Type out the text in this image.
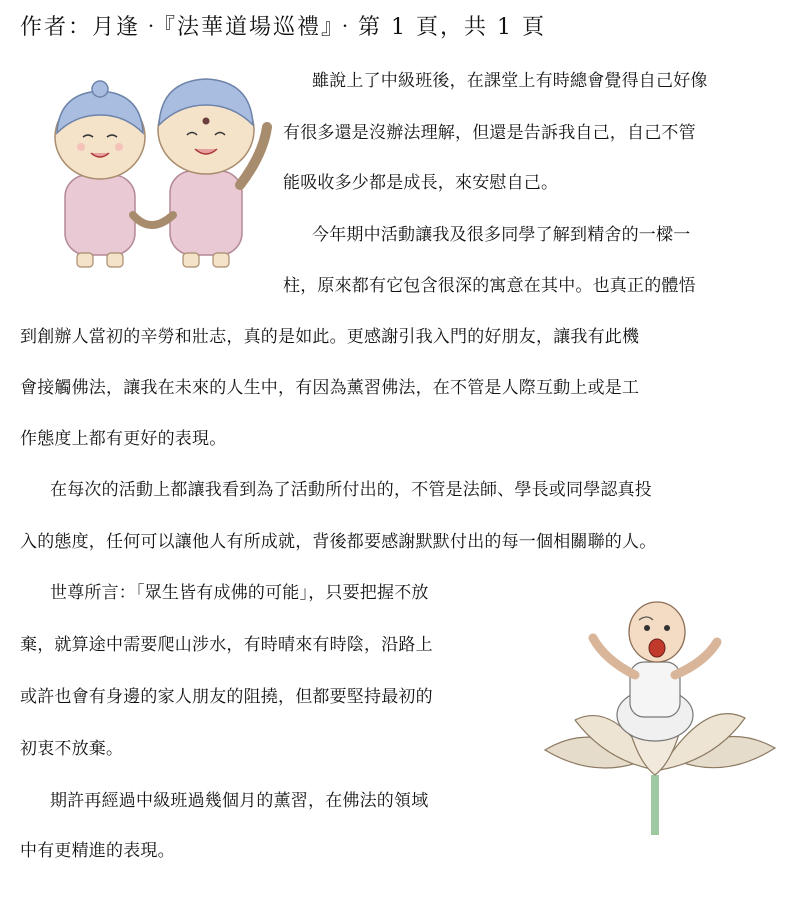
作者：月逢‧『法華道場巡禮』‧第 1 頁，共 1 頁
雖說上了中級班後，在課堂上有時總會覺得自己好像
有很多還是沒辦法理解，但還是告訴我自己，自己不管
能吸收多少都是成長，來安慰自己。
今年期中活動讓我及很多同學了解到精舍的一樑一
柱，原來都有它包含很深的寓意在其中。也真正的體悟
到創辦人當初的辛勞和壯志，真的是如此。更感謝引我入門的好朋友，讓我有此機
會接觸佛法，讓我在未來的人生中，有因為薰習佛法，在不管是人際互動上或是工
作態度上都有更好的表現。
在每次的活動上都讓我看到為了活動所付出的，不管是法師、學長或同學認真投
入的態度，任何可以讓他人有所成就，背後都要感謝默默付出的每一個相關聯的人。
世尊所言：「眾生皆有成佛的可能」，只要把握不放
棄，就算途中需要爬山涉水，有時晴來有時陰，沿路上
或許也會有身邊的家人朋友的阻撓，但都要堅持最初的
初衷不放棄。
期許再經過中級班過幾個月的薰習，在佛法的領域
中有更精進的表現。
